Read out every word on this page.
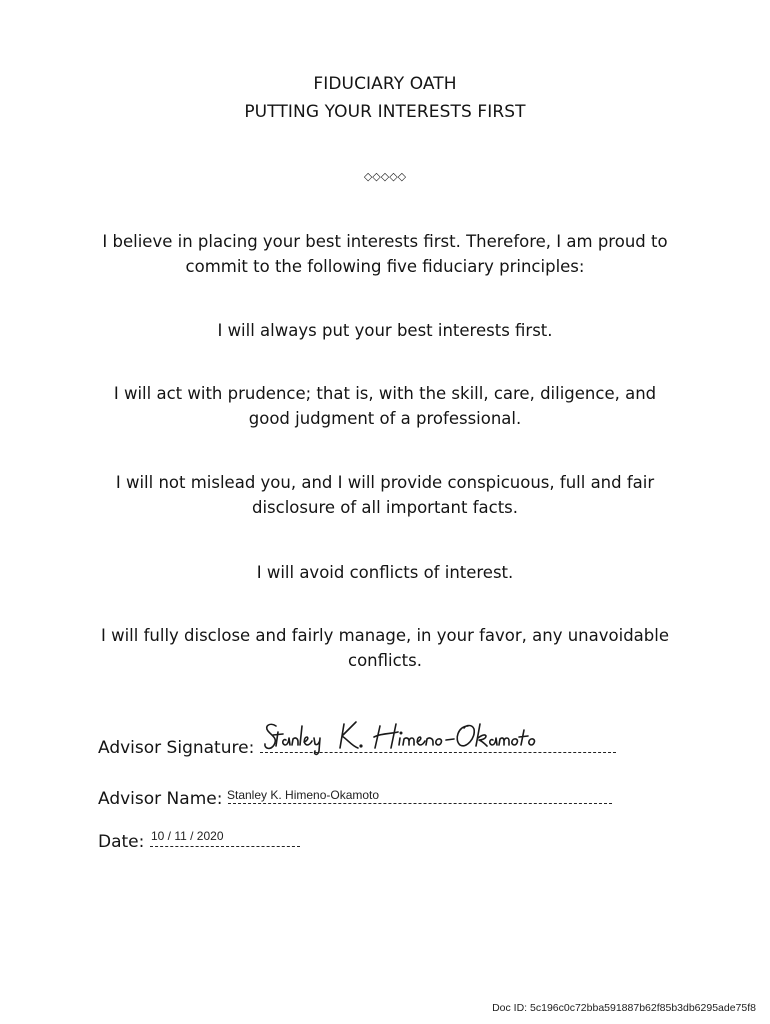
FIDUCIARY OATH
PUTTING YOUR INTERESTS FIRST
◇◇◇◇◇
I believe in placing your best interests first. Therefore, I am proud to commit to the following five fiduciary principles:
I will always put your best interests first.
I will act with prudence; that is, with the skill, care, diligence, and good judgment of a professional.
I will not mislead you, and I will provide conspicuous, full and fair disclosure of all important facts.
I will avoid conflicts of interest.
I will fully disclose and fairly manage, in your favor, any unavoidable conflicts.
Advisor Signature:
Stanley K. Himeno-Okamoto
Advisor Name:
10 / 11 / 2020
Date:
Doc ID: 5c196c0c72bba591887b62f85b3db6295ade75f8
